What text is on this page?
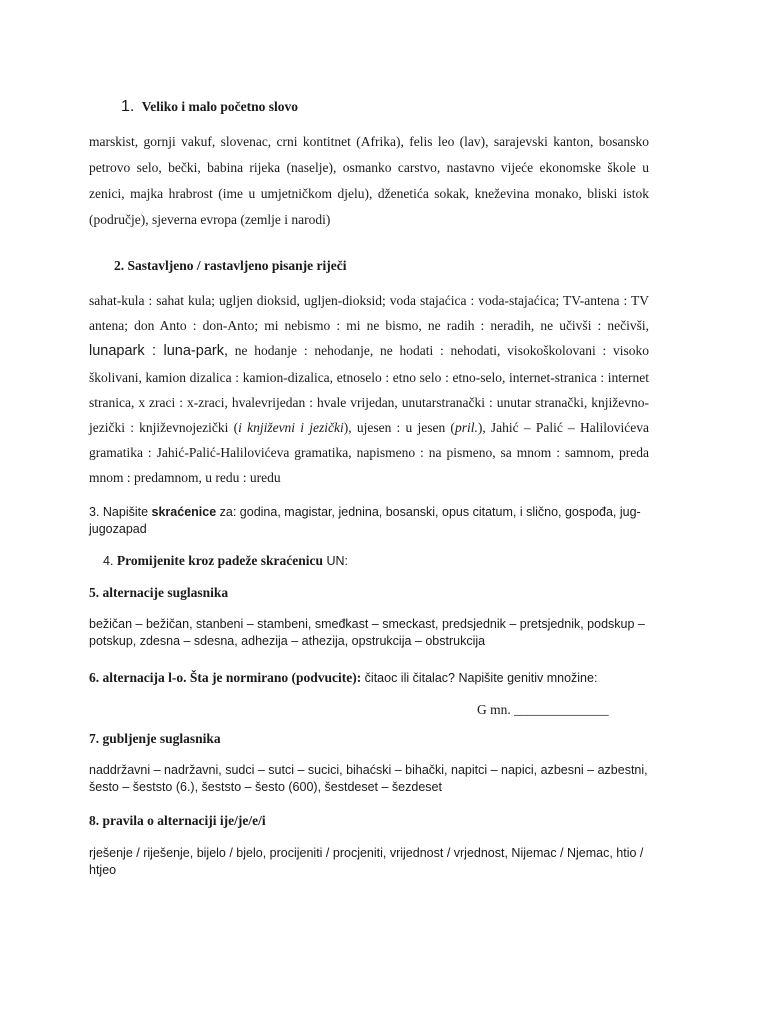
1. Veliko i malo početno slovo

marskist, gornji vakuf, slovenac, crni kontitnet (Afrika), felis leo (lav), sarajevski kanton, bosansko petrovo selo, bečki, babina rijeka (naselje), osmanko carstvo, nastavno vijeće ekonomske škole u zenici, majka hrabrost (ime u umjetničkom djelu), dženetića sokak, kneževina monako, bliski istok (područje), sjeverna evropa (zemlje i narodi)

2. Sastavljeno / rastavljeno pisanje riječi

sahat-kula : sahat kula; ugljen dioksid, ugljen-dioksid; voda stajaćica : voda-stajaćica; TV-antena : TV antena; don Anto : don-Anto; mi nebismo : mi ne bismo, ne radih : neradih, ne učivši : nečivši, lunapark : luna-park, ne hodanje : nehodanje, ne hodati : nehodati, visokoškolovani : visoko školivani, kamion dizalica : kamion-dizalica, etnoselo : etno selo : etno-selo, internet-stranica : internet stranica, x zraci : x-zraci, hvalevrijedan : hvale vrijedan, unutarstranački : unutar stranački, književno-jezički : književnojezički (i književni i jezički), ujesen : u jesen (pril.), Jahić – Palić – Halilovićeva gramatika : Jahić-Palić-Halilovićeva gramatika, napismeno : na pismeno, sa mnom : samnom, preda mnom : predamnom, u redu : uredu

3. Napišite skraćenice za: godina, magistar, jednina, bosanski, opus citatum, i slično, gospođa, jug-jugozapad

4. Promijenite kroz padeže skraćenicu UN:

5. alternacije suglasnika

bežičan – bežičan, stanbeni – stambeni, smeđkast – smeckast, predsjednik – pretsjednik, podskup – potskup, zdesna – sdesna, adhezija – athezija, opstrukcija – obstrukcija

6. alternacija l-o. Šta je normirano (podvucite): čitaoc ili čitalac? Napišite genitiv množine:

G mn. ______________

7. gubljenje suglasnika

naddržavni – nadržavni, sudci – sutci – sucici, bihaćski – bihački, napitci – napici, azbesni – azbestni, šesto – šeststo (6.), šeststo – šesto (600), šestdeset – šezdeset

8. pravila o alternaciji ije/je/e/i

rješenje / riješenje, bijelo / bjelo, procijeniti / procjeniti, vrijednost / vrjednost, Nijemac / Njemac, htio / htjeo
